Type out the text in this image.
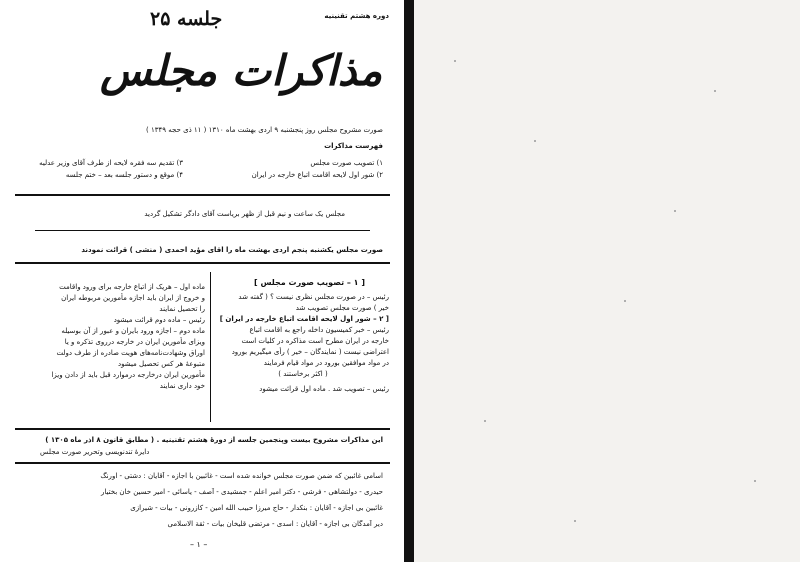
دوره هشتم تقنینیه
جلسه ۲۵
مذاکرات مجلس
صورت مشروح مجلس روز پنجشنبه ۹ اردی بهشت ماه ۱۳۱۰ ( ۱۱ ذی حجه ۱۳۴۹ )
فهرست مذاکرات
۱) تصویب صورت مجلس
۲) شور اول لایحه اقامت اتباع خارجه در ایران
۳) تقدیم سه فقره لایحه از طرف آقای وزیر عدلیه
۴) موقع و دستور جلسه بعد – ختم جلسه
مجلس یک ساعت و نیم قبل از ظهر بریاست آقای دادگر تشکیل گردید
صورت مجلس یکشنبه پنجم اردی بهشت ماه را آقای مؤید احمدی ( منشی ) قرائت نمودند
[ ۱ – تصویب صورت مجلس ]
رئیس – در صورت مجلس نظری نیست ؟ ( گفته شد
خیر ) صورت مجلس تصویب شد
[ ۲ – شور اول لایحه اقامت اتباع خارجه در ایران ]
رئیس – خبر کمیسیون داخله راجع به اقامت اتباع
خارجه در ایران مطرح است مذاکره در کلیات است
اعتراضی نیست ( نمایندگان – خیر ) رأی میگیریم بورود
در مواد موافقین بورود در مواد قیام فرمایند
( اکثر برخاستند )
رئیس – تصویب شد . ماده اول قرائت میشود
ماده اول – هریک از اتباع خارجه برای ورود واقامت
و خروج از ایران باید اجازه مأمورین مربوطه ایران
را تحصیل نمایند
رئیس – ماده دوم قرائت میشود
ماده دوم – اجازه ورود بایران و عبور از آن بوسیله
ویزای مأمورین ایران در خارجه درروی تذکره و یا
اوراق وشهادت‌نامه‌های هویت صادره از طرف دولت
متبوعهٔ هر کس تحصیل میشود
مأمورین ایران درخارجه درموارد قبل باید از دادن ویزا
خود داری نمایند
این مذاکرات مشروح بیست وپنجمین جلسه از دورهٔ هشتم تقنینیه . ( مطابق قانون ۸ آذر ماه ۱۳۰۵ )
دایرهٔ تندنویسی وتحریر صورت مجلس
اسامی غائبین که ضمن صورت مجلس خوانده شده است - غائبین با اجازه - آقایان : دشتی - اورنگ
حیدری - دولتشاهی - فرشی - دکتر امیر اعلم - جمشیدی - آصف - یاسائی - امیر حسین خان بختیار
غائبین بی اجازه - آقایان : بنکدار - حاج میرزا حبیب الله امین - کازرونی - بیات - شیرازی
دیر آمدگان بی اجازه - آقایان : اسدی - مرتضی قلیخان بیات - ثقة الاسلامی
– ۱ –
